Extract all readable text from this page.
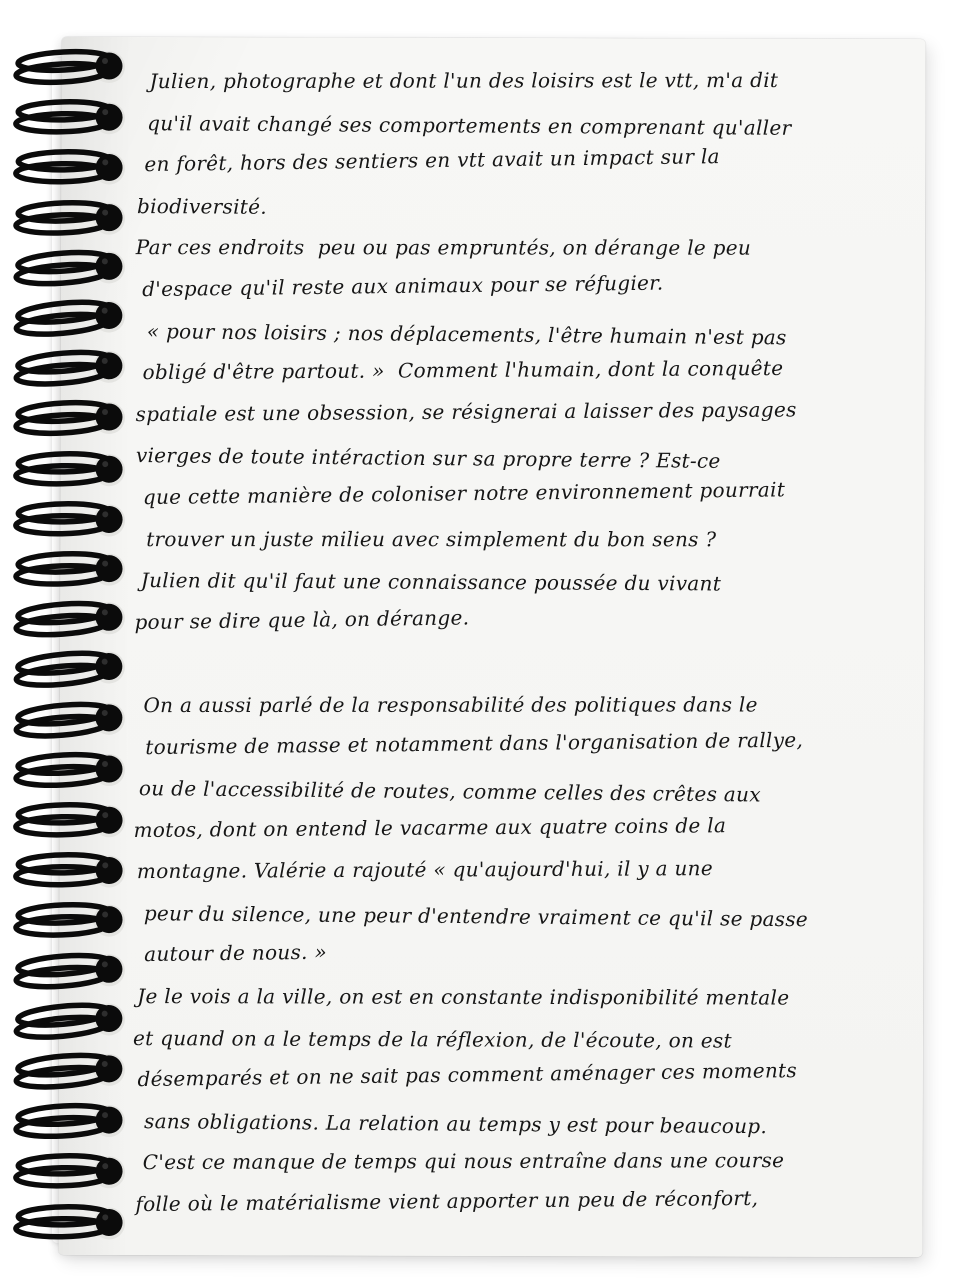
Julien, photographe et dont l'un des loisirs est le vtt, m'a dit
qu'il avait changé ses comportements en comprenant qu'aller
en forêt, hors des sentiers en vtt avait un impact sur la
biodiversité.
Par ces endroits  peu ou pas empruntés, on dérange le peu
d'espace qu'il reste aux animaux pour se réfugier.
« pour nos loisirs ; nos déplacements, l'être humain n'est pas
obligé d'être partout. »  Comment l'humain, dont la conquête
spatiale est une obsession, se résignerai a laisser des paysages
vierges de toute intéraction sur sa propre terre ? Est-ce
que cette manière de coloniser notre environnement pourrait
trouver un juste milieu avec simplement du bon sens ?
Julien dit qu'il faut une connaissance poussée du vivant
pour se dire que là, on dérange.
On a aussi parlé de la responsabilité des politiques dans le
tourisme de masse et notamment dans l'organisation de rallye,
ou de l'accessibilité de routes, comme celles des crêtes aux
motos, dont on entend le vacarme aux quatre coins de la
montagne. Valérie a rajouté « qu'aujourd'hui, il y a une
peur du silence, une peur d'entendre vraiment ce qu'il se passe
autour de nous. »
Je le vois a la ville, on est en constante indisponibilité mentale
et quand on a le temps de la réflexion, de l'écoute, on est
désemparés et on ne sait pas comment aménager ces moments
sans obligations. La relation au temps y est pour beaucoup.
C'est ce manque de temps qui nous entraîne dans une course
folle où le matérialisme vient apporter un peu de réconfort,
